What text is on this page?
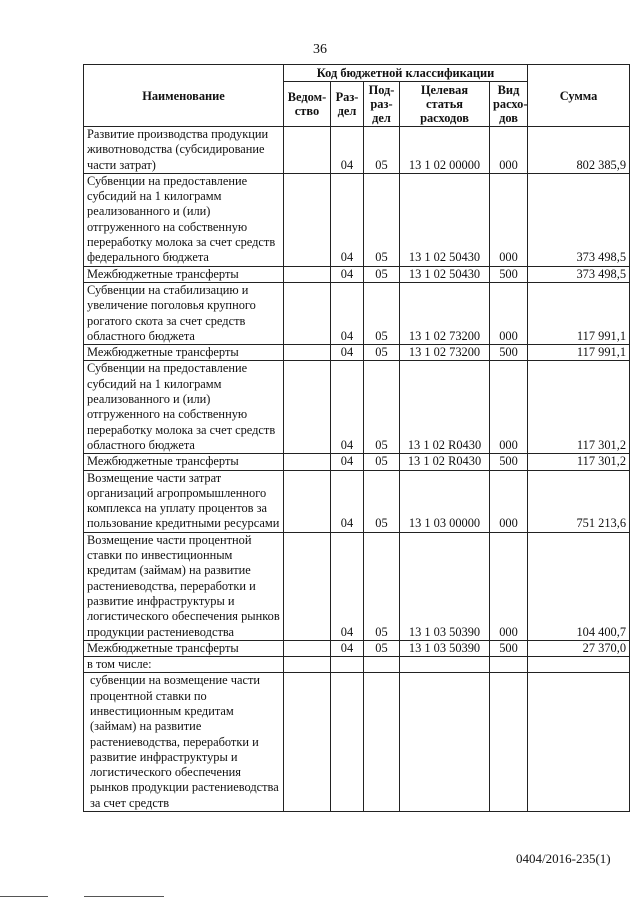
36
Наименование	Код бюджетной классификации					Сумма
	Ведом-ство	Раз-дел	Под-раз-дел	Целевая статья расходов	Вид расхо-дов	
Развитие производства продукции животноводства (субсидирование части затрат)		04	05	13 1 02 00000	000	802 385,9
Субвенции на предоставление субсидий на 1 килограмм реализованного и (или) отгруженного на собственную переработку молока за счет средств федерального бюджета		04	05	13 1 02 50430	000	373 498,5
Межбюджетные трансферты		04	05	13 1 02 50430	500	373 498,5
Субвенции на стабилизацию и увеличение поголовья крупного рогатого скота за счет средств областного бюджета		04	05	13 1 02 73200	000	117 991,1
Межбюджетные трансферты		04	05	13 1 02 73200	500	117 991,1
Субвенции на предоставление субсидий на 1 килограмм реализованного и (или) отгруженного на собственную переработку молока за счет средств областного бюджета		04	05	13 1 02 R0430	000	117 301,2
Межбюджетные трансферты		04	05	13 1 02 R0430	500	117 301,2
Возмещение части затрат организаций агропромышленного комплекса на уплату процентов за пользование кредитными ресурсами		04	05	13 1 03 00000	000	751 213,6
Возмещение части процентной ставки по инвестиционным кредитам (займам) на развитие растениеводства, переработки и развитие инфраструктуры и логистического обеспечения рынков продукции растениеводства		04	05	13 1 03 50390	000	104 400,7
Межбюджетные трансферты		04	05	13 1 03 50390	500	27 370,0
в том числе:						
субвенции на возмещение части процентной ставки по инвестиционным кредитам (займам) на развитие растениеводства, переработки и развитие инфраструктуры и логистического обеспечения рынков продукции растениеводства за счет средств						
0404/2016-235(1)
